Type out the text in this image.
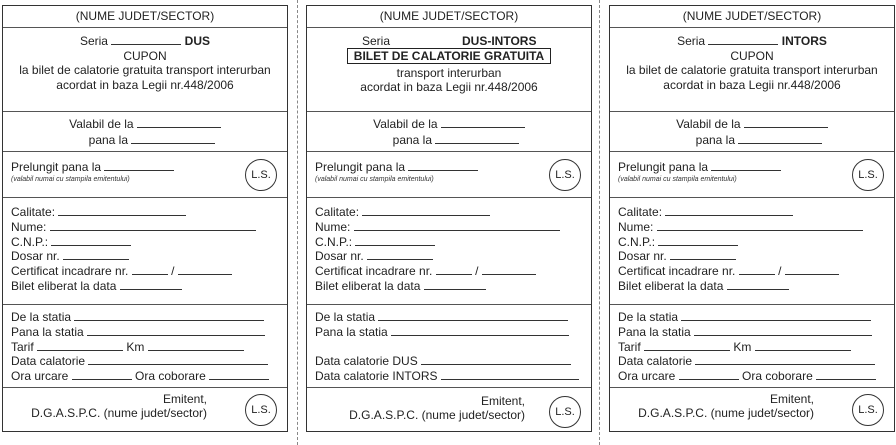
(NUME JUDET/SECTOR)
Seria	DUS
CUPON
la bilet de calatorie gratuita transport interurban
acordat in baza Legii nr.448/2006
Valabil de la
pana la
Prelungit pana la
(valabil numai cu stampila emitentului)	L.S.
Calitate:
Nume:
C.N.P.:
Dosar nr.
Certificat incadrare nr.	/
Bilet eliberat la data
De la statia
Pana la statia
Tarif	Km
Data calatorie
Ora urcare	Ora coborare
Emitent,
D.G.A.S.P.C. (nume judet/sector)	L.S.
(NUME JUDET/SECTOR)
Seria	DUS-INTORS
BILET DE CALATORIE GRATUITA
transport interurban
acordat in baza Legii nr.448/2006
Valabil de la
pana la
Prelungit pana la
(valabil numai cu stampila emitentului)	L.S.
Calitate:
Nume:
C.N.P.:
Dosar nr.
Certificat incadrare nr.	/
Bilet eliberat la data
De la statia
Pana la statia
Data calatorie DUS
Data calatorie INTORS
Emitent,
D.G.A.S.P.C. (nume judet/sector)	L.S.
(NUME JUDET/SECTOR)
Seria	INTORS
CUPON
la bilet de calatorie gratuita transport interurban
acordat in baza Legii nr.448/2006
Valabil de la
pana la
Prelungit pana la
(valabil numai cu stampila emitentului)	L.S.
Calitate:
Nume:
C.N.P.:
Dosar nr.
Certificat incadrare nr.	/
Bilet eliberat la data
De la statia
Pana la statia
Tarif	Km
Data calatorie
Ora urcare	Ora coborare
Emitent,
D.G.A.S.P.C. (nume judet/sector)	L.S.
